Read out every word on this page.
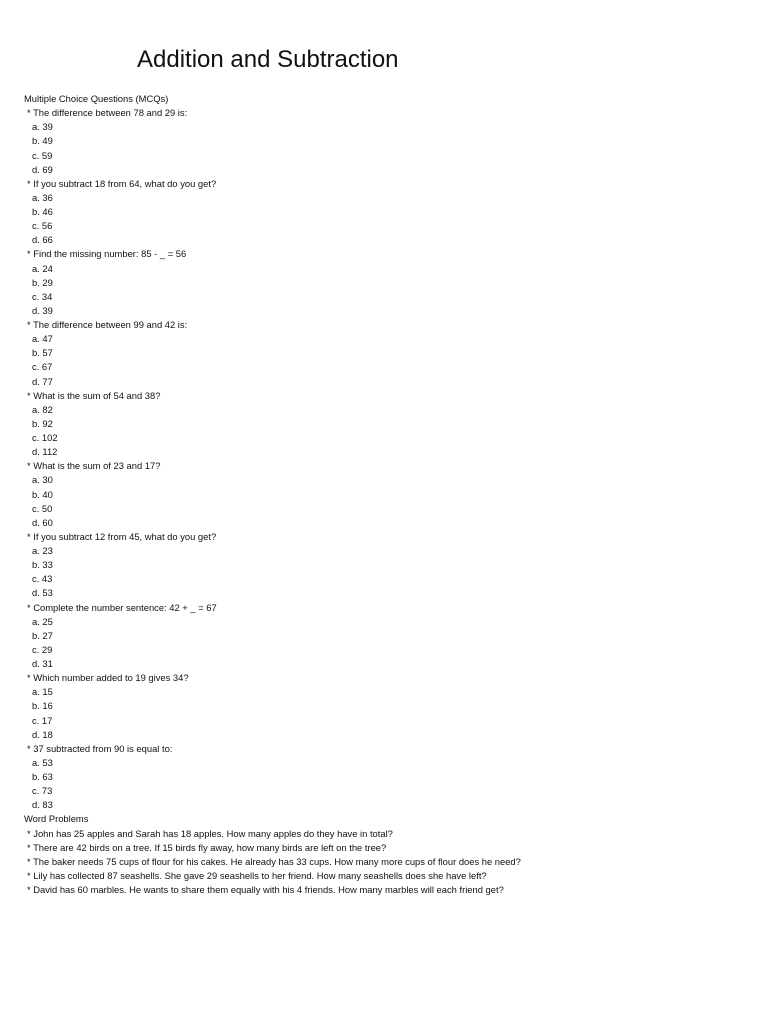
Addition and Subtraction
Multiple Choice Questions (MCQs)
* The difference between 78 and 29 is:
a. 39
b. 49
c. 59
d. 69
* If you subtract 18 from 64, what do you get?
a. 36
b. 46
c. 56
d. 66
* Find the missing number: 85 - _ = 56
a. 24
b. 29
c. 34
d. 39
* The difference between 99 and 42 is:
a. 47
b. 57
c. 67
d. 77
* What is the sum of 54 and 38?
a. 82
b. 92
c. 102
d. 112
* What is the sum of 23 and 17?
a. 30
b. 40
c. 50
d. 60
* If you subtract 12 from 45, what do you get?
a. 23
b. 33
c. 43
d. 53
* Complete the number sentence: 42 + _ = 67
a. 25
b. 27
c. 29
d. 31
* Which number added to 19 gives 34?
a. 15
b. 16
c. 17
d. 18
* 37 subtracted from 90 is equal to:
a. 53
b. 63
c. 73
d. 83
Word Problems
* John has 25 apples and Sarah has 18 apples. How many apples do they have in total?
* There are 42 birds on a tree. If 15 birds fly away, how many birds are left on the tree?
* The baker needs 75 cups of flour for his cakes. He already has 33 cups. How many more cups of flour does he need?
* Lily has collected 87 seashells. She gave 29 seashells to her friend. How many seashells does she have left?
* David has 60 marbles. He wants to share them equally with his 4 friends. How many marbles will each friend get?
